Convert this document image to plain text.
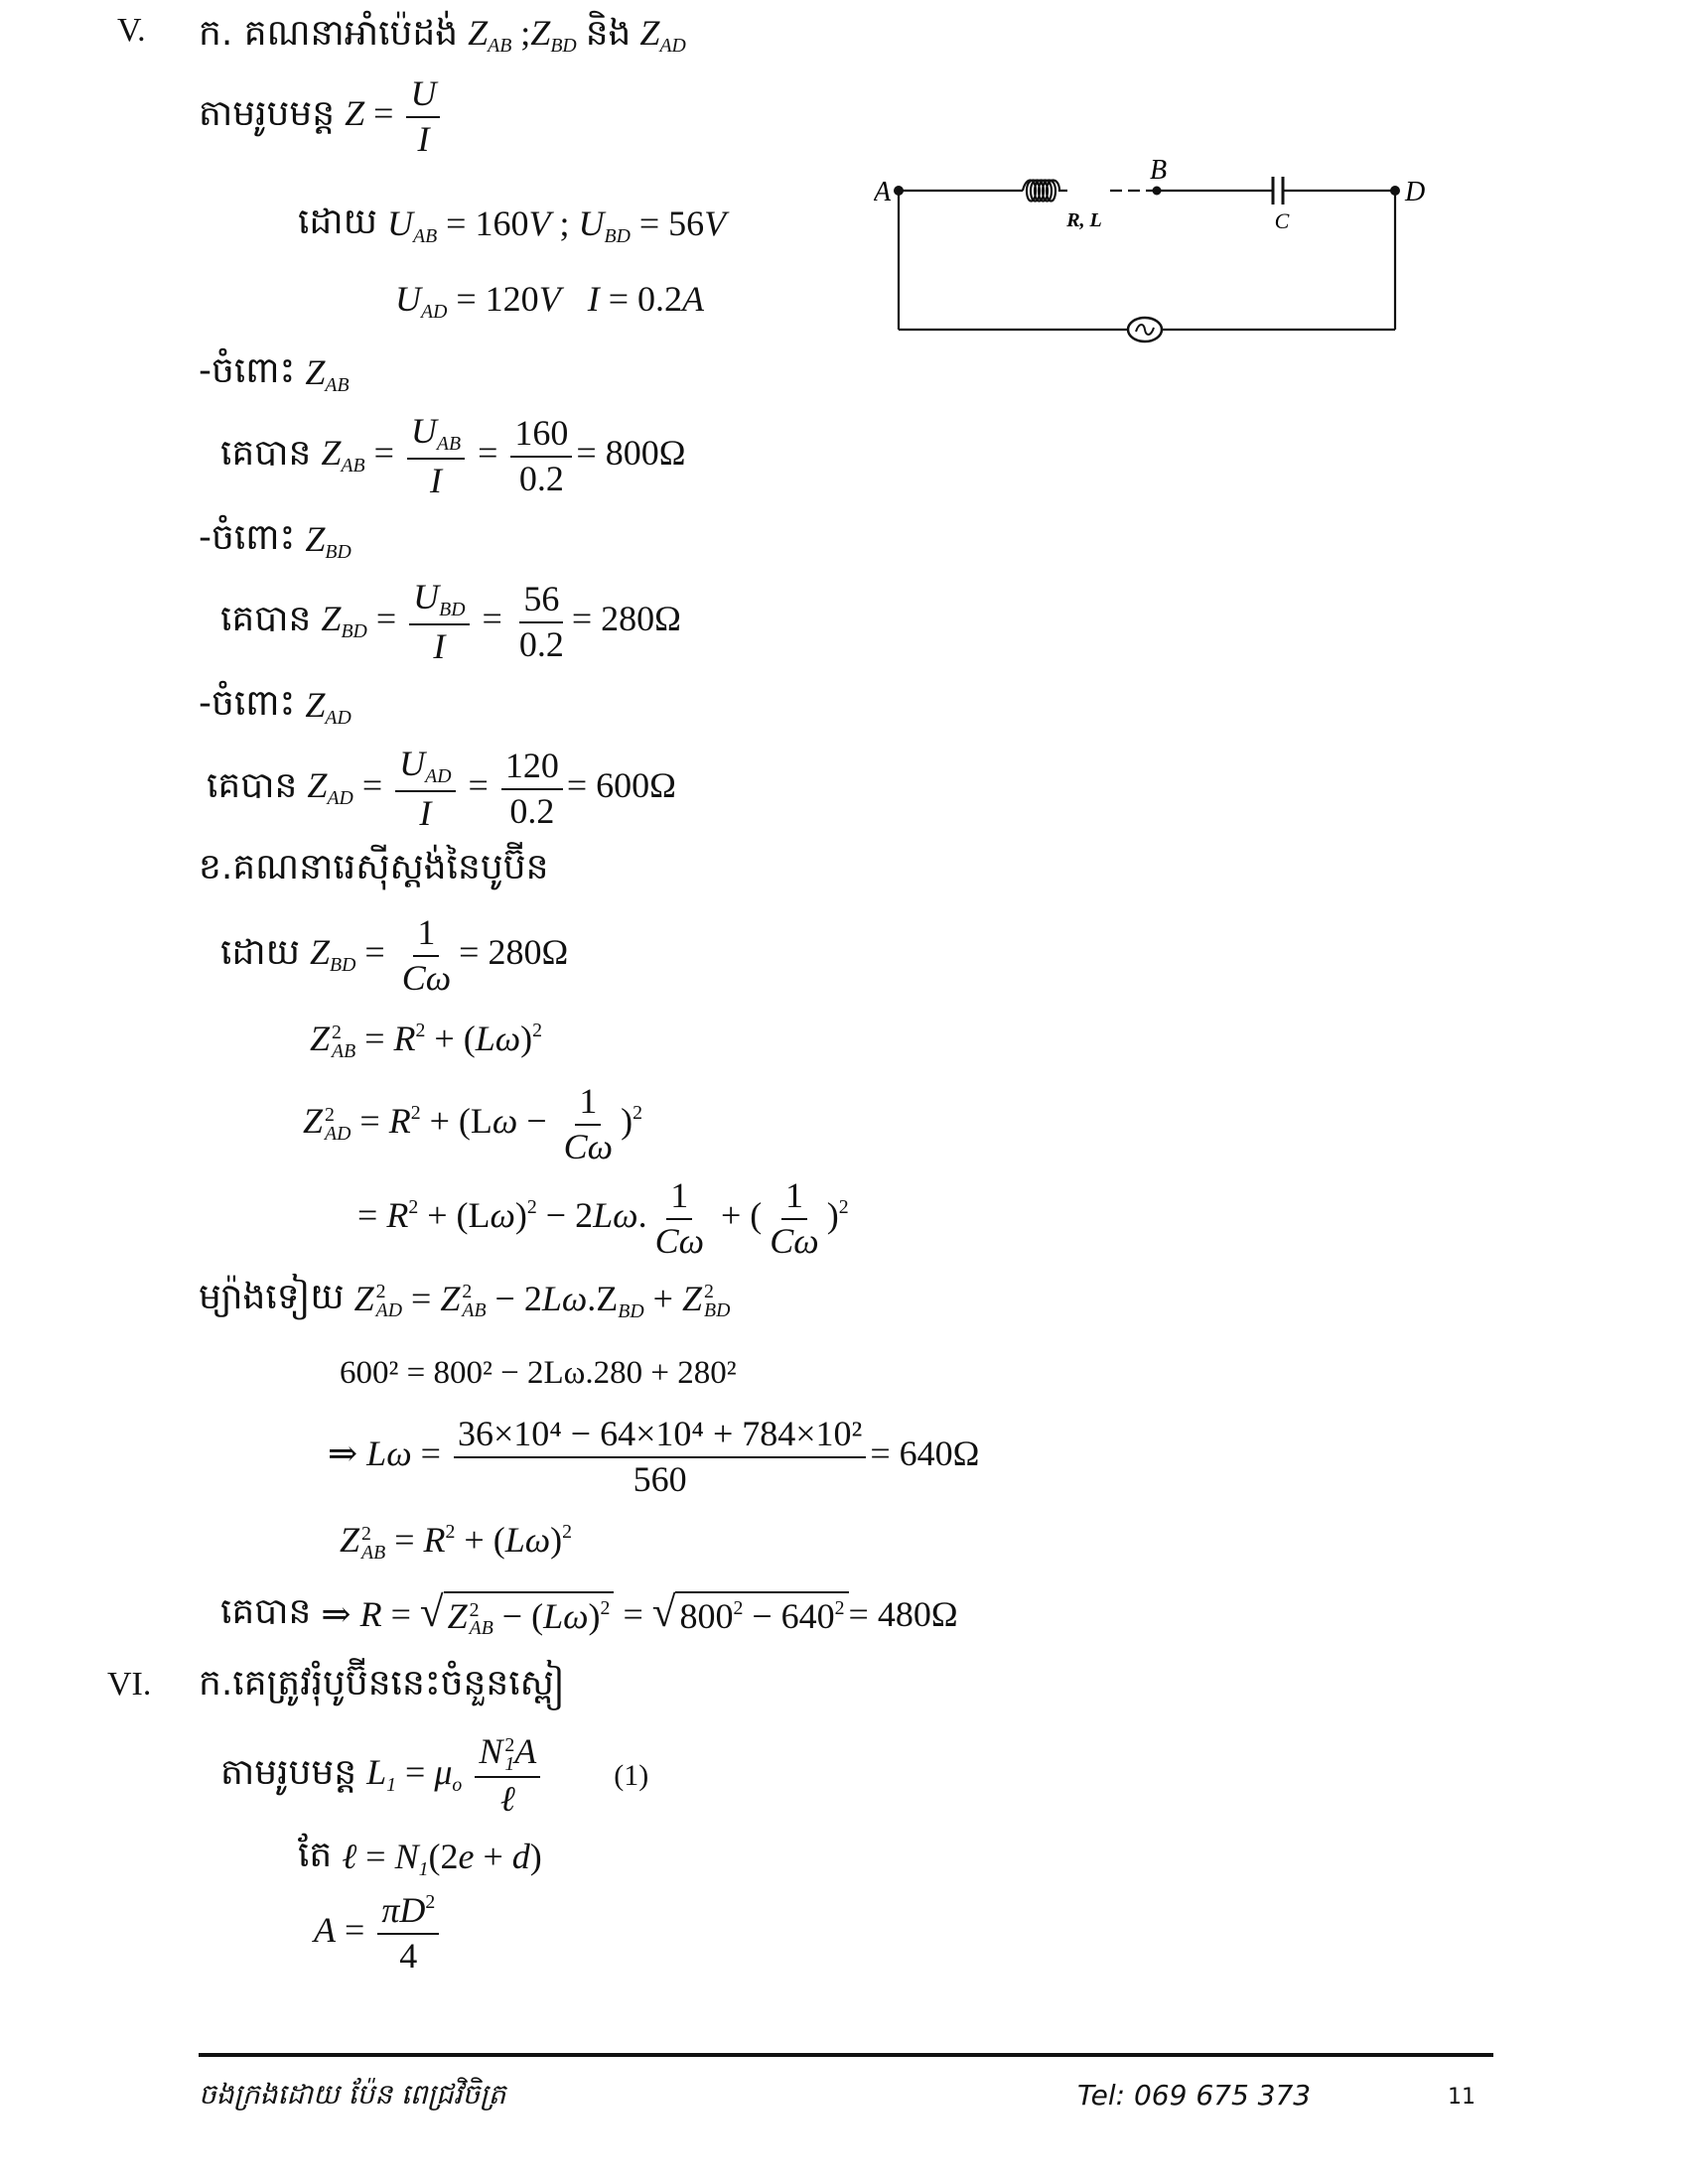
V. ក. គណនាអាំប៉េដង់ $Z_{AB}$ $;Z_{BD}$ និង $Z_{AD}$
តាមរូបមន្ត $Z = \frac{U}{I}$
ដោយ $U_{AB} = 160V$ ; $U_{BD} = 56V$
$U_{AD} = 120V$ I = 0.2A
-ចំពោះ $Z_{AB}$
គេបាន $Z_{AB} = \frac{U_{AB}}{I} = \frac{160}{0.2} = 800\Omega$
-ចំពោះ $Z_{BD}$
គេបាន $Z_{BD} = \frac{U_{BD}}{I} = \frac{56}{0.2} = 280\Omega$
-ចំពោះ $Z_{AD}$
គេបាន $Z_{AD} = \frac{U_{AD}}{I} = \frac{120}{0.2} = 600\Omega$
ខ.គណនារេស៊ីស្តង់នៃបូប៊ីន
ដោយ $Z_{BD} = \frac{1}{C\omega} = 280\Omega$
Z 2
AB = $R^2 + (L\omega)^2$
Z 2
AD = $R^2 + (L\omega - \frac{1}{C\omega} )^2$
= $R^2 + (L\omega)^2 - 2L\omega$. $\frac{1}{C\omega}$ + ( $\frac{1}{C\omega} )^2$
ម្យ៉ាងទៀយ Z 2
AD = Z 2
AB − $2L\omega.Z_{BD} + Z$ 2
BD
600² = 800² − 2Lω.280 + 280²
⇒ $L\omega = \frac{\text{36×10⁴ − 64×10⁴ + 784×10²}}{560} = 640\Omega$
Z 2
AB = $R^2 + (L\omega)^2$
គេបាន ⇒ R = √ Z 2
AB − $(L\omega)^2$ = √ $800^2 - 640^2 = 480\Omega$
VI. ក.គេត្រូវរុំបូប៊ីននេះចំនួនស្ពៀ
តាមរូបមន្ត $L_1 = \mu_o$ N 2
1 A
ℓ (1)
តែ ℓ = $N_1(2e + d)$
$A = \frac{\pi D^2}{4}$
A
B
D
R, L	C
ចងក្រងដោយ ប៉ែន ពេជ្រវិចិត្រ	Tel: 069 675 373	11
